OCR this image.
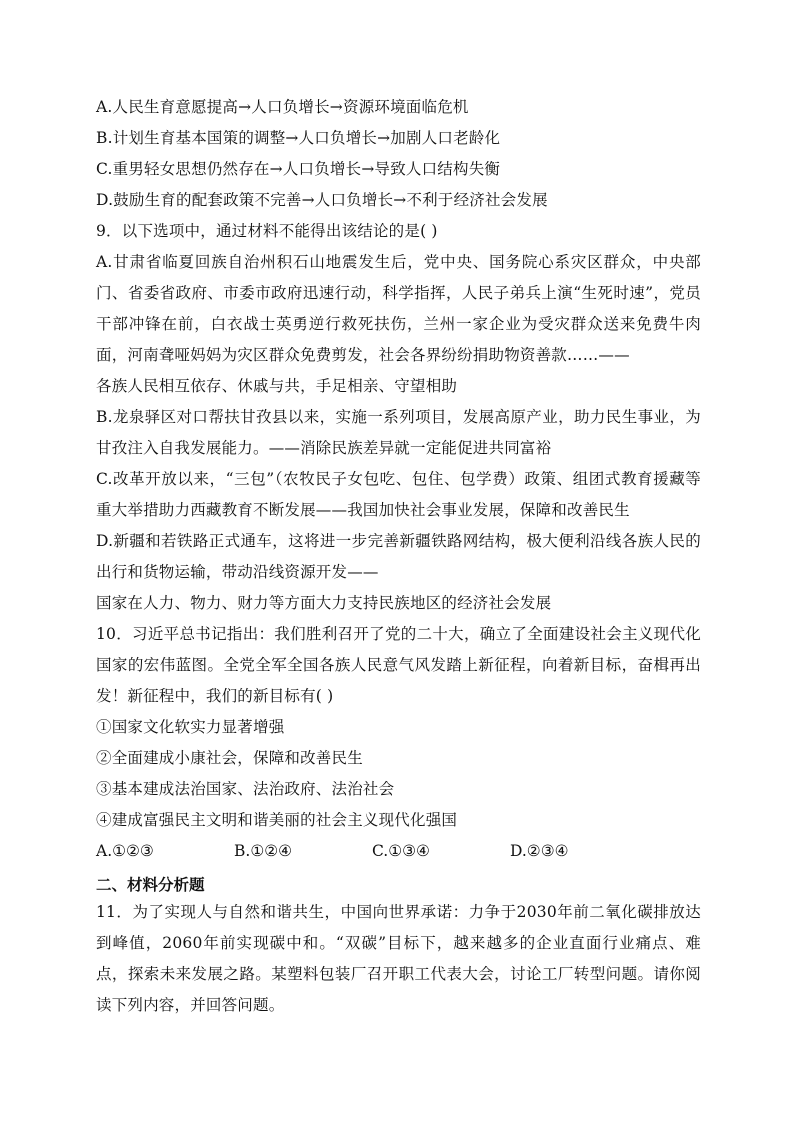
A.人民生育意愿提高→人口负增长→资源环境面临危机
B.计划生育基本国策的调整→人口负增长→加剧人口老龄化
C.重男轻女思想仍然存在→人口负增长→导致人口结构失衡
D.鼓励生育的配套政策不完善→人口负增长→不利于经济社会发展
9．以下选项中，通过材料不能得出该结论的是( )
A.甘肃省临夏回族自治州积石山地震发生后，党中央、国务院心系灾区群众，中央部门、省委省政府、市委市政府迅速行动，科学指挥，人民子弟兵上演“生死时速”，党员干部冲锋在前，白衣战士英勇逆行救死扶伤，兰州一家企业为受灾群众送来免费牛肉面，河南聋哑妈妈为灾区群众免费剪发，社会各界纷纷捐助物资善款……——
各族人民相互依存、休戚与共，手足相亲、守望相助
B.龙泉驿区对口帮扶甘孜县以来，实施一系列项目，发展高原产业，助力民生事业，为甘孜注入自我发展能力。——消除民族差异就一定能促进共同富裕
C.改革开放以来，“三包”（农牧民子女包吃、包住、包学费）政策、组团式教育援藏等重大举措助力西藏教育不断发展——我国加快社会事业发展，保障和改善民生
D.新疆和若铁路正式通车，这将进一步完善新疆铁路网结构，极大便利沿线各族人民的出行和货物运输，带动沿线资源开发——
国家在人力、物力、财力等方面大力支持民族地区的经济社会发展
10．习近平总书记指出：我们胜利召开了党的二十大，确立了全面建设社会主义现代化国家的宏伟蓝图。全党全军全国各族人民意气风发踏上新征程，向着新目标，奋楫再出发！新征程中，我们的新目标有( )
①国家文化软实力显著增强
②全面建成小康社会，保障和改善民生
③基本建成法治国家、法治政府、法治社会
④建成富强民主文明和谐美丽的社会主义现代化强国
A.①②③	B.①②④	C.①③④	D.②③④
二、材料分析题
11．为了实现人与自然和谐共生，中国向世界承诺：力争于2030年前二氧化碳排放达到峰值，2060年前实现碳中和。“双碳”目标下，越来越多的企业直面行业痛点、难点，探索未来发展之路。某塑料包装厂召开职工代表大会，讨论工厂转型问题。请你阅读下列内容，并回答问题。
